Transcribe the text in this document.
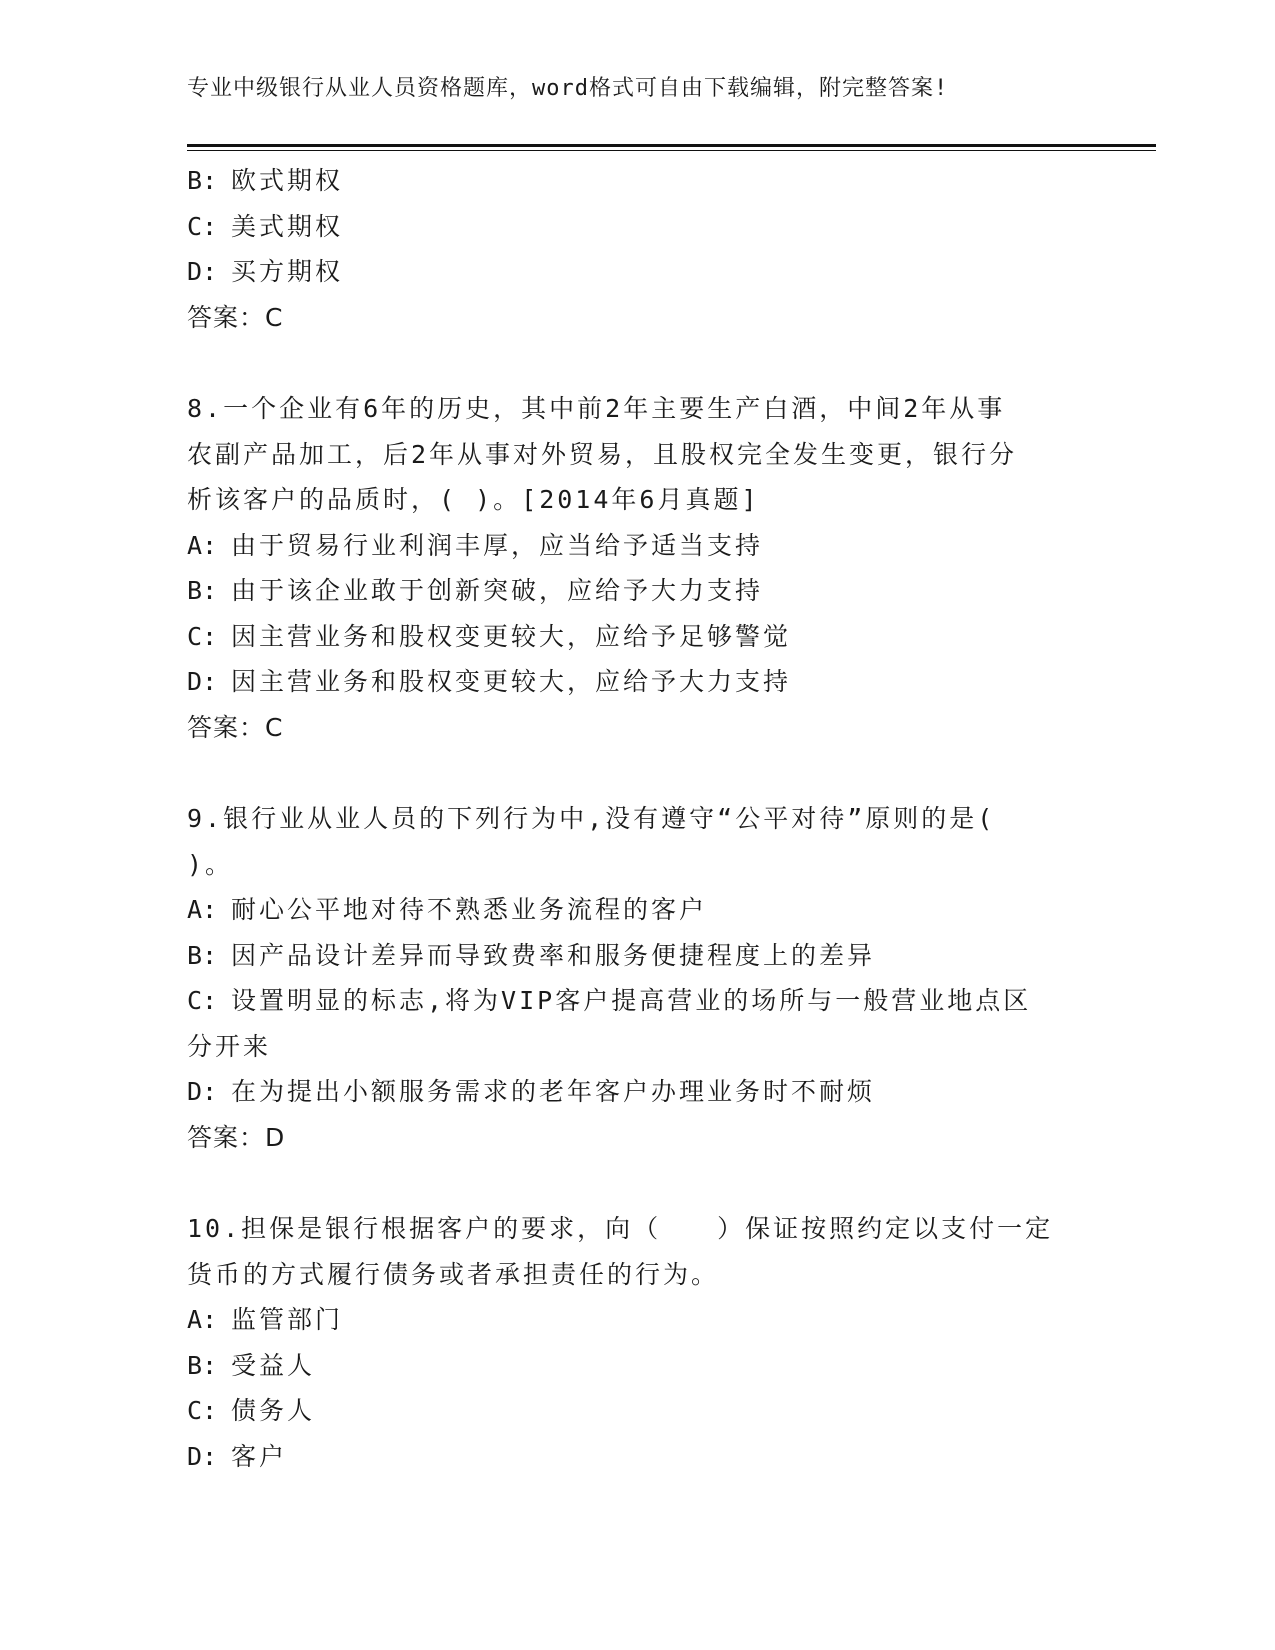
专业中级银行从业人员资格题库，word格式可自由下载编辑，附完整答案!
B: 欧式期权
C: 美式期权
D: 买方期权
答案：C
8.一个企业有6年的历史，其中前2年主要生产白酒，中间2年从事
农副产品加工，后2年从事对外贸易，且股权完全发生变更，银行分
析该客户的品质时，( )。[2014年6月真题]
A: 由于贸易行业利润丰厚，应当给予适当支持
B: 由于该企业敢于创新突破，应给予大力支持
C: 因主营业务和股权变更较大，应给予足够警觉
D: 因主营业务和股权变更较大，应给予大力支持
答案：C
9.银行业从业人员的下列行为中,没有遵守“公平对待”原则的是(
)。
A: 耐心公平地对待不熟悉业务流程的客户
B: 因产品设计差异而导致费率和服务便捷程度上的差异
C: 设置明显的标志,将为VIP客户提高营业的场所与一般营业地点区
分开来
D: 在为提出小额服务需求的老年客户办理业务时不耐烦
答案：D
10.担保是银行根据客户的要求，向（　　）保证按照约定以支付一定
货币的方式履行债务或者承担责任的行为。
A: 监管部门
B: 受益人
C: 债务人
D: 客户
